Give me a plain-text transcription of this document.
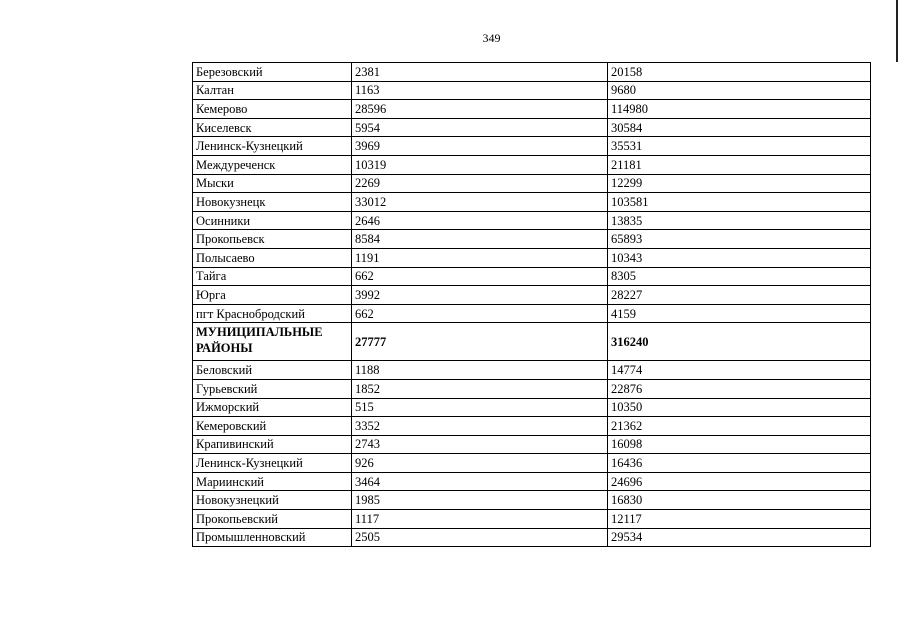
349
Березовский	2381	20158
Калтан	1163	9680
Кемерово	28596	114980
Киселевск	5954	30584
Ленинск-Кузнецкий	3969	35531
Междуреченск	10319	21181
Мыски	2269	12299
Новокузнецк	33012	103581
Осинники	2646	13835
Прокопьевск	8584	65893
Полысаево	1191	10343
Тайга	662	8305
Юрга	3992	28227
пгт Краснобродский	662	4159
МУНИЦИПАЛЬНЫЕ РАЙОНЫ	27777	316240
Беловский	1188	14774
Гурьевский	1852	22876
Ижморский	515	10350
Кемеровский	3352	21362
Крапивинский	2743	16098
Ленинск-Кузнецкий	926	16436
Мариинский	3464	24696
Новокузнецкий	1985	16830
Прокопьевский	1117	12117
Промышленновский	2505	29534
